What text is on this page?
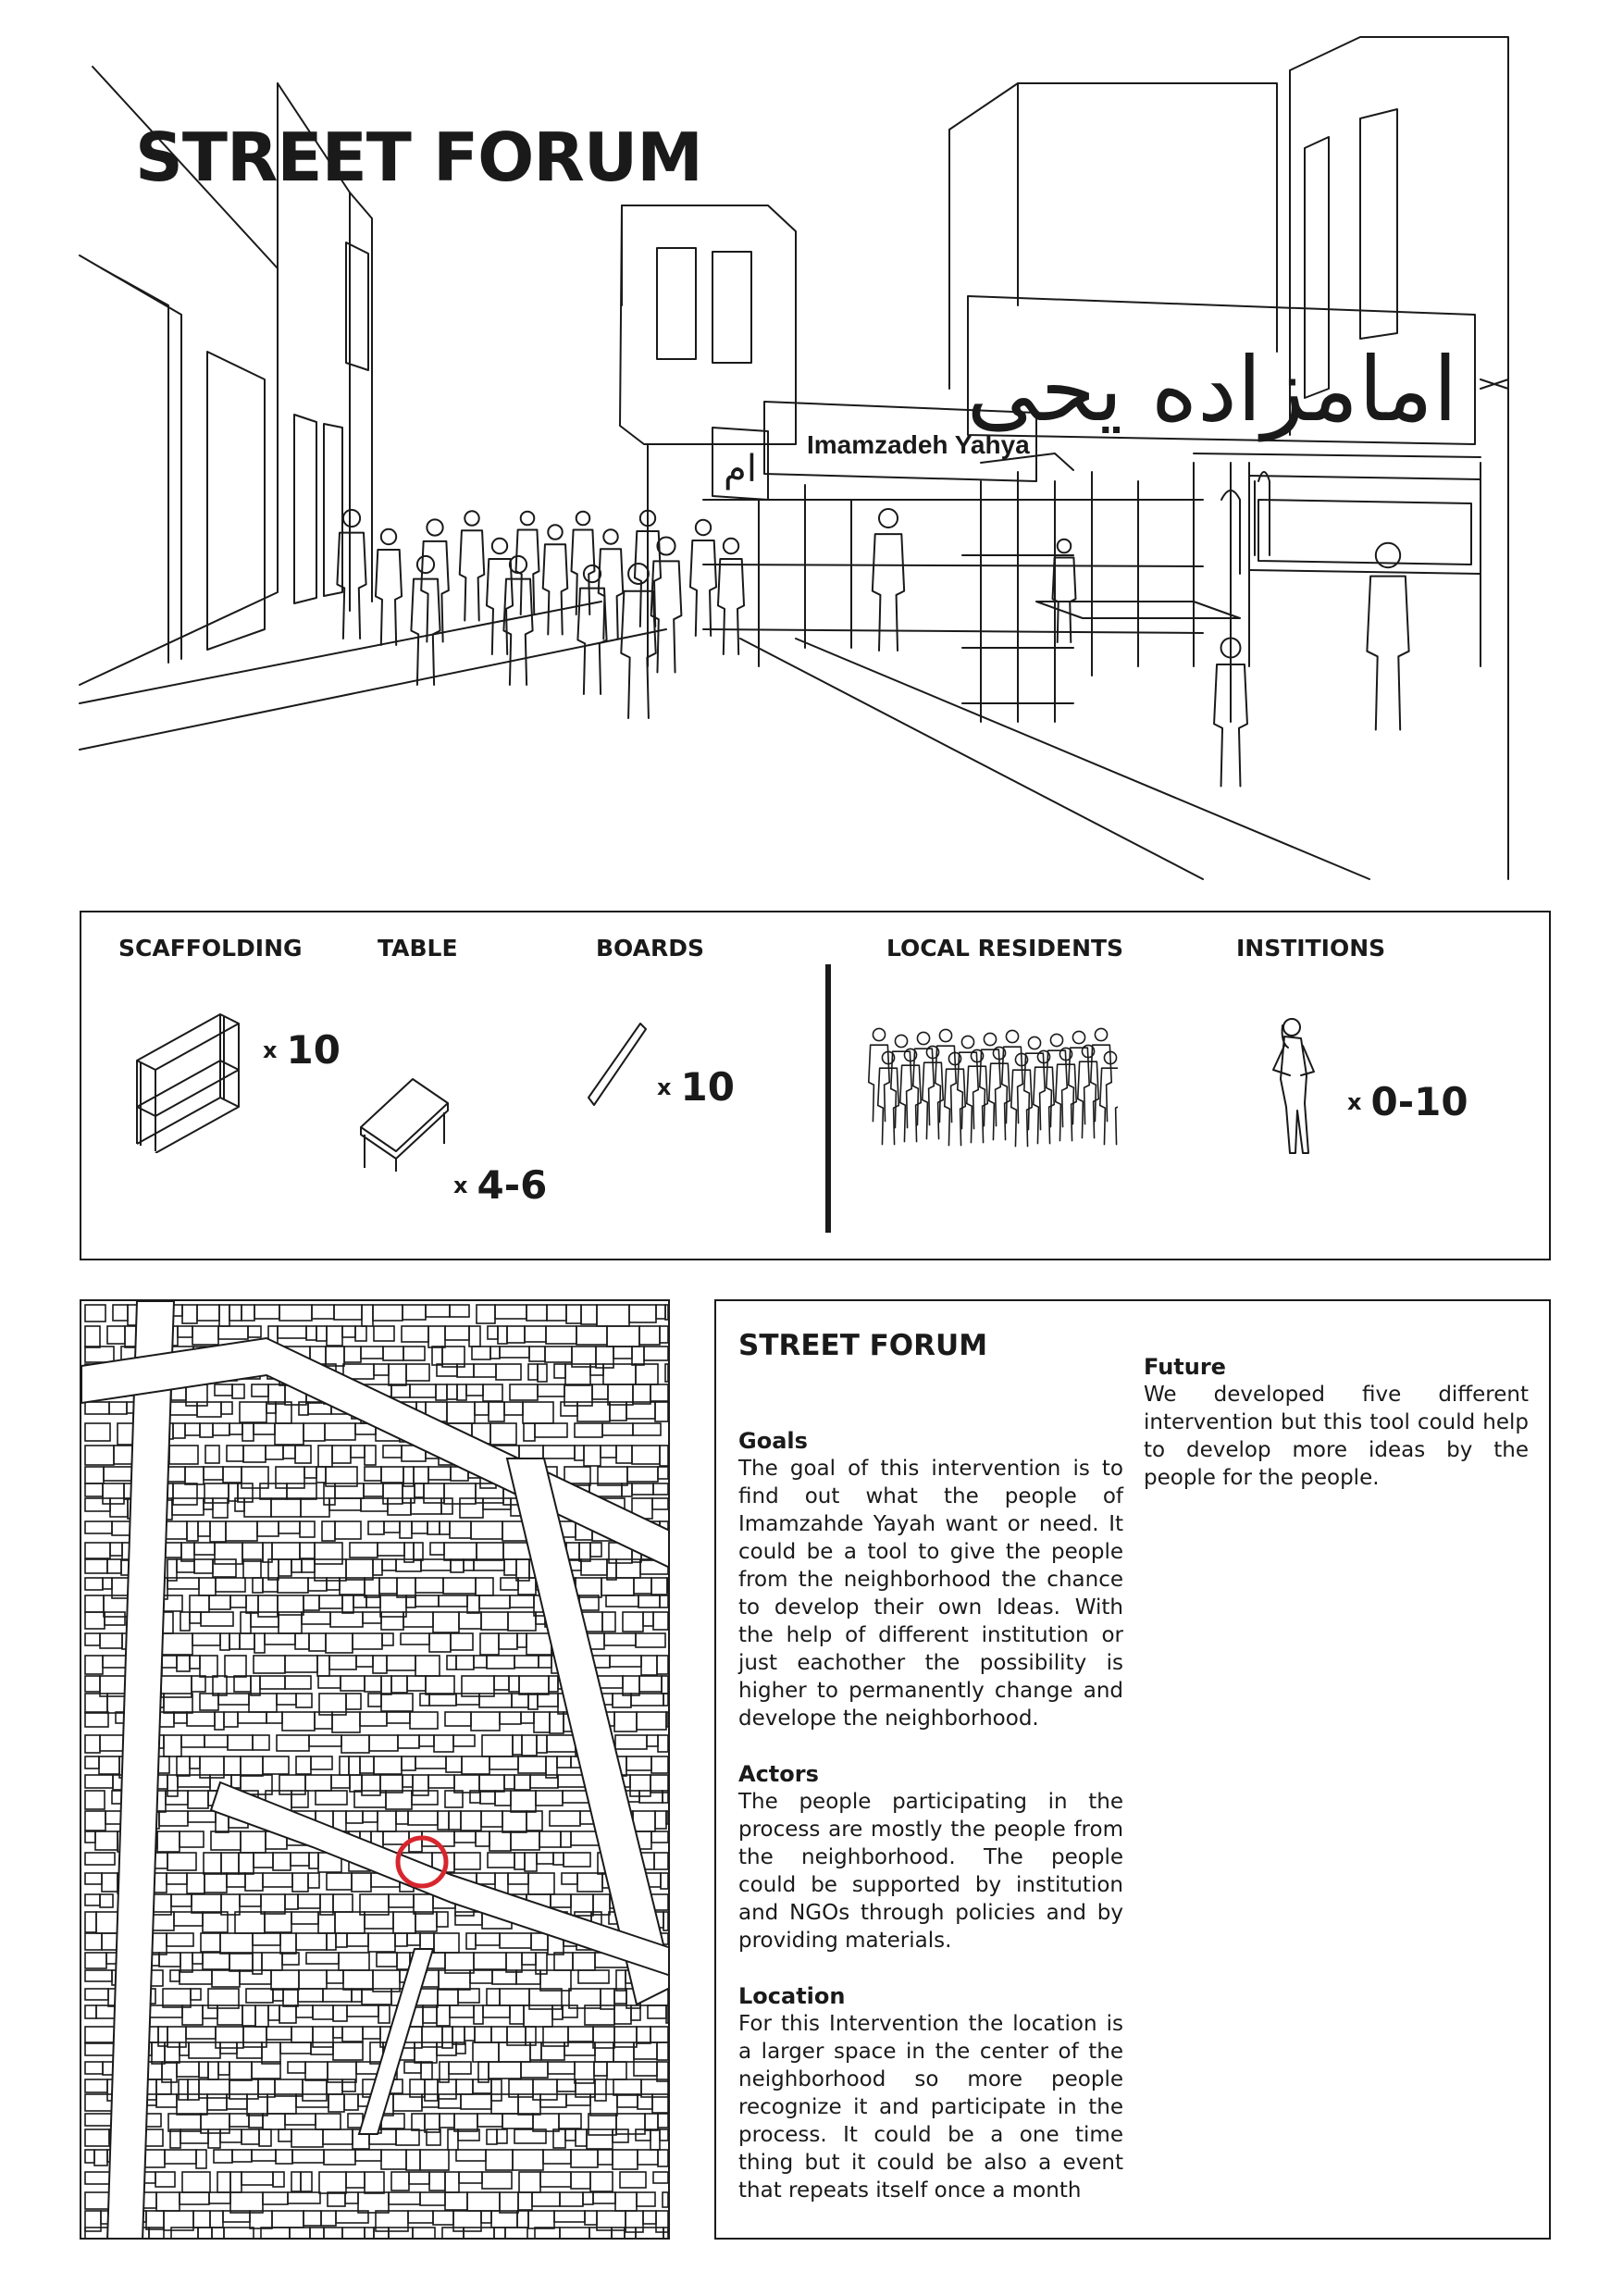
امامزاده یحی
Imamzadeh Yahya
ام
STREET FORUM
SCAFFOLDING	TABLE	BOARDS	LOCAL RESIDENTS	INSTITIONS
x 10
x 4-6
x 10	x 0-10
STREET FORUM
Goals

The goal of this intervention is to find out what the people of Imamzahde Yayah want or need. It could be a tool to give the people from the neighborhood the chance to develop their own Ideas. With the help of different institution or just eachother the possibility is higher to permanently change and develope the neighborhood.

Actors

The people participating in the process are mostly the people from the neighborhood. The people could be supported by institution and NGOs through policies and by providing materials.

Location

For this Intervention the location is a larger space in the center of the neighborhood so more people recognize it and participate in the process. It could be a one time thing but it could be also a event that repeats itself once a month

Future

We developed five different intervention but this tool could help to develop more ideas by the people for the people.
